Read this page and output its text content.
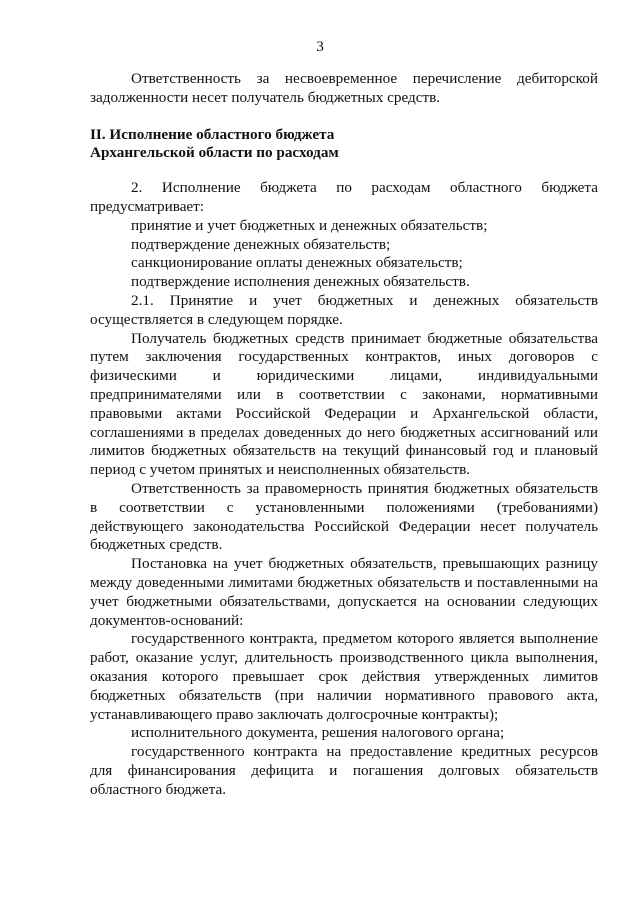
3

Ответственность за несвоевременное перечисление дебиторской задолженности несет получатель бюджетных средств.

II. Исполнение областного бюджета

Архангельской области по расходам

2. Исполнение бюджета по расходам областного бюджета предусматривает:

принятие и учет бюджетных и денежных обязательств;

подтверждение денежных обязательств;

санкционирование оплаты денежных обязательств;

подтверждение исполнения денежных обязательств.

2.1. Принятие и учет бюджетных и денежных обязательств осуществляется в следующем порядке.

Получатель бюджетных средств принимает бюджетные обязательства путем заключения государственных контрактов, иных договоров с физическими и юридическими лицами, индивидуальными предпринимателями или в соответствии с законами, нормативными правовыми актами Российской Федерации и Архангельской области, соглашениями в пределах доведенных до него бюджетных ассигнований или лимитов бюджетных обязательств на текущий финансовый год и плановый период с учетом принятых и неисполненных обязательств.

Ответственность за правомерность принятия бюджетных обязательств в соответствии с установленными положениями (требованиями) действующего законодательства Российской Федерации несет получатель бюджетных средств.

Постановка на учет бюджетных обязательств, превышающих разницу между доведенными лимитами бюджетных обязательств и поставленными на учет бюджетными обязательствами, допускается на основании следующих документов-оснований:

государственного контракта, предметом которого является выполнение работ, оказание услуг, длительность производственного цикла выполнения, оказания которого превышает срок действия утвержденных лимитов бюджетных обязательств (при наличии нормативного правового акта, устанавливающего право заключать долгосрочные контракты);

исполнительного документа, решения налогового органа;

государственного контракта на предоставление кредитных ресурсов для финансирования дефицита и погашения долговых обязательств областного бюджета.
